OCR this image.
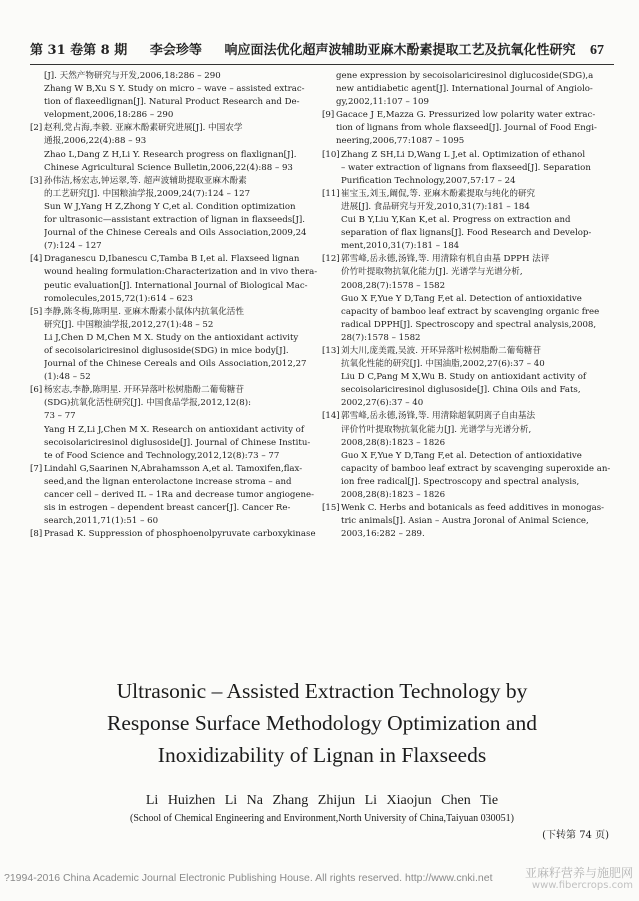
第 31 卷第 8 期 李会珍等 响应面法优化超声波辅助亚麻木酚素提取工艺及抗氧化性研究 67
[J]. 天然产物研究与开发,2006,18:286 – 290
Zhang W B,Xu S Y. Study on micro – wave – assisted extrac-
tion of flaxeedlignan[J]. Natural Product Research and De-
velopment,2006,18:286 – 290
[2] 赵利,党占海,李毅. 亚麻木酚素研究进展[J]. 中国农学
通报,2006,22(4):88 – 93
Zhao L,Dang Z H,Li Y. Research progress on flaxlignan[J].
Chinese Agricultural Science Bulletin,2006,22(4):88 – 93
[3] 孙伟洁,杨宏志,钟运翠,等. 超声波辅助提取亚麻木酚素
的工艺研究[J]. 中国粮油学报,2009,24(7):124 – 127
Sun W J,Yang H Z,Zhong Y C,et al. Condition optimization
for ultrasonic—assistant extraction of lignan in flaxseeds[J].
Journal of the Chinese Cereals and Oils Association,2009,24
(7):124 – 127
[4] Draganescu D,Ibanescu C,Tamba B I,et al. Flaxseed lignan
wound healing formulation:Characterization and in vivo thera-
peutic evaluation[J]. International Journal of Biological Mac-
romolecules,2015,72(1):614 – 623
[5] 李静,陈冬梅,陈明星. 亚麻木酚素小鼠体内抗氧化活性
研究[J]. 中国粮油学报,2012,27(1):48 – 52
Li J,Chen D M,Chen M X. Study on the antioxidant activity
of secoisolariciresinol diglusoside(SDG) in mice body[J].
Journal of the Chinese Cereals and Oils Association,2012,27
(1):48 – 52
[6] 杨宏志,李静,陈明星. 开环异落叶松树脂酚二葡萄糖苷
(SDG)抗氧化活性研究[J]. 中国食品学报,2012,12(8):
73 – 77
Yang H Z,Li J,Chen M X. Research on antioxidant activity of
secoisolariciresinol diglusoside[J]. Journal of Chinese Institu-
te of Food Science and Technology,2012,12(8):73 – 77
[7] Lindahl G,Saarinen N,Abrahamsson A,et al. Tamoxifen,flax-
seed,and the lignan enterolactone increase stroma – and
cancer cell – derived IL – 1Ra and decrease tumor angiogene-
sis in estrogen – dependent breast cancer[J]. Cancer Re-
search,2011,71(1):51 – 60
[8] Prasad K. Suppression of phosphoenolpyruvate carboxykinase
gene expression by secoisolariciresinol diglucoside(SDG),a
new antidiabetic agent[J]. International Journal of Angiolo-
gy,2002,11:107 – 109
[9] Gacace J E,Mazza G. Pressurized low polarity water extrac-
tion of lignans from whole flaxseed[J]. Journal of Food Engi-
neering,2006,77:1087 – 1095
[10] Zhang Z SH,Li D,Wang L J,et al. Optimization of ethanol
– water extraction of lignans from flaxseed[J]. Separation
Purification Technology,2007,57:17 – 24
[11] 崔宝玉,刘玉,阚侃,等. 亚麻木酚素提取与纯化的研究
进展[J]. 食品研究与开发,2010,31(7):181 – 184
Cui B Y,Liu Y,Kan K,et al. Progress on extraction and
separation of flax lignans[J]. Food Research and Develop-
ment,2010,31(7):181 – 184
[12] 郭雪峰,岳永德,汤锋,等. 用清除有机自由基 DPPH 法评
价竹叶提取物抗氧化能力[J]. 光谱学与光谱分析,
2008,28(7):1578 – 1582
Guo X F,Yue Y D,Tang F,et al. Detection of antioxidative
capacity of bamboo leaf extract by scavenging organic free
radical DPPH[J]. Spectroscopy and spectral analysis,2008,
28(7):1578 – 1582
[13] 刘大川,庞美霞,吴波. 开环异落叶松树脂酚二葡萄糖苷
抗氧化性能的研究[J]. 中国油脂,2002,27(6):37 – 40
Liu D C,Pang M X,Wu B. Study on antioxidant activity of
secoisolariciresinol diglusoside[J]. China Oils and Fats,
2002,27(6):37 – 40
[14] 郭雪峰,岳永德,汤锋,等. 用清除超氧阴离子自由基法
评价竹叶提取物抗氧化能力[J]. 光谱学与光谱分析,
2008,28(8):1823 – 1826
Guo X F,Yue Y D,Tang F,et al. Detection of antioxidative
capacity of bamboo leaf extract by scavenging superoxide an-
ion free radical[J]. Spectroscopy and spectral analysis,
2008,28(8):1823 – 1826
[15] Wenk C. Herbs and botanicals as feed additives in monogas-
tric animals[J]. Asian – Austra Joronal of Animal Science,
2003,16:282 – 289.
Ultrasonic – Assisted Extraction Technology by
Response Surface Methodology Optimization and
Inoxidizability of Lignan in Flaxseeds
Li Huizhen Li Na Zhang Zhijun Li Xiaojun Chen Tie
(School of Chemical Engineering and Environment,North University of China,Taiyuan 030051)
(下转第 74 页)
?1994-2016 China Academic Journal Electronic Publishing House. All rights reserved. http://www.cnki.net	亚麻籽营养与施肥网
www.fibercrops.com
